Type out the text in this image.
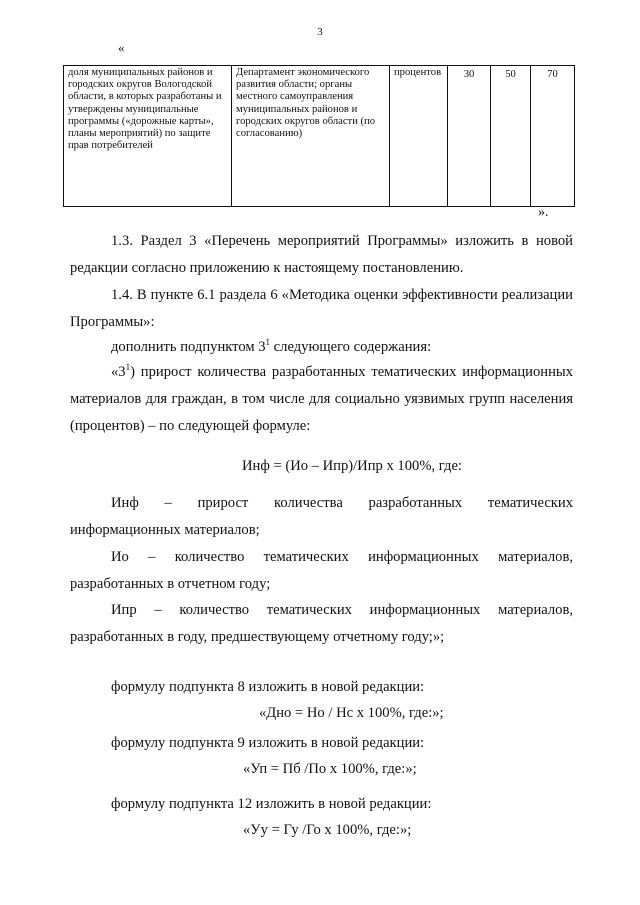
3
«
доля муниципальных районов и городских округов Вологодской области, в которых разработаны и утверждены муниципальные программы («дорожные карты», планы мероприятий) по защите прав потребителей	Департамент экономического развития области; органы местного самоуправления муниципальных районов и городских округов области (по согласованию)	процентов	30	50	70
».
1.3. Раздел 3 «Перечень мероприятий Программы» изложить в новой редакции согласно приложению к настоящему постановлению.
1.4. В пункте 6.1 раздела 6 «Методика оценки эффективности реализации Программы»:
дополнить подпунктом $3^1$ следующего содержания:
«$3^1$) прирост количества разработанных тематических информационных материалов для граждан, в том числе для социально уязвимых групп населения (процентов) – по следующей формуле:
Инф = (Ио – Ипр)/Ипр х 100%, где:
Инф – прирост количества разработанных тематических информационных материалов;
Ио – количество тематических информационных материалов, разработанных в отчетном году;
Ипр – количество тематических информационных материалов, разработанных в году, предшествующему отчетному году;»;
формулу подпункта 8 изложить в новой редакции:
«Дно = Но / Нс х 100%, где:»;
формулу подпункта 9 изложить в новой редакции:
«Уп = Пб /По х 100%, где:»;
формулу подпункта 12 изложить в новой редакции:
«Уу = Гу /Го х 100%, где:»;
